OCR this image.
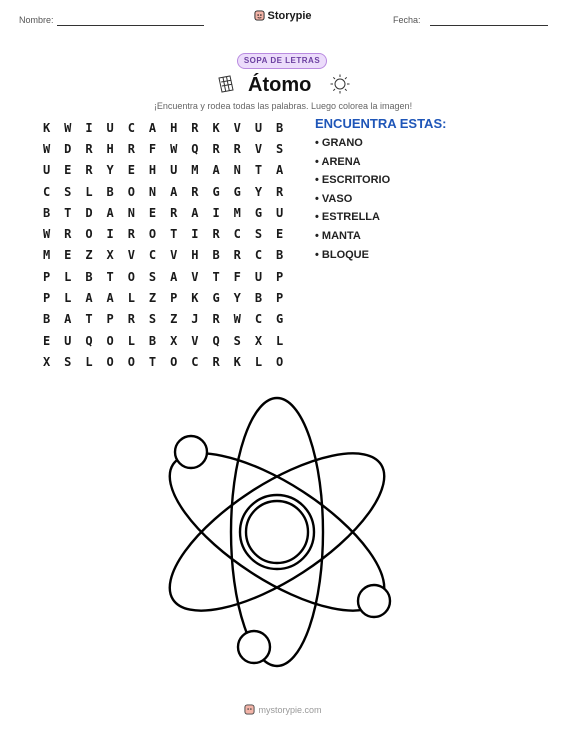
Nombre:	Storypie	Fecha:
SOPA DE LETRAS
Átomo
¡Encuentra y rodea todas las palabras. Luego colorea la imagen!
K	W	I	U	C	A	H	R	K	V	U	B
W	D	R	H	R	F	W	Q	R	R	V	S
U	E	R	Y	E	H	U	M	A	N	T	A
C	S	L	B	O	N	A	R	G	G	Y	R
B	T	D	A	N	E	R	A	I	M	G	U
W	R	O	I	R	O	T	I	R	C	S	E
M	E	Z	X	V	C	V	H	B	R	C	B
P	L	B	T	O	S	A	V	T	F	U	P
P	L	A	A	L	Z	P	K	G	Y	B	P
B	A	T	P	R	S	Z	J	R	W	C	G
E	U	Q	O	L	B	X	V	Q	S	X	L
X	S	L	O	O	T	O	C	R	K	L	O
ENCUENTRA ESTAS:
• GRANO
• ARENA
• ESCRITORIO
• VASO
• ESTRELLA
• MANTA
• BLOQUE
mystorypie.com
